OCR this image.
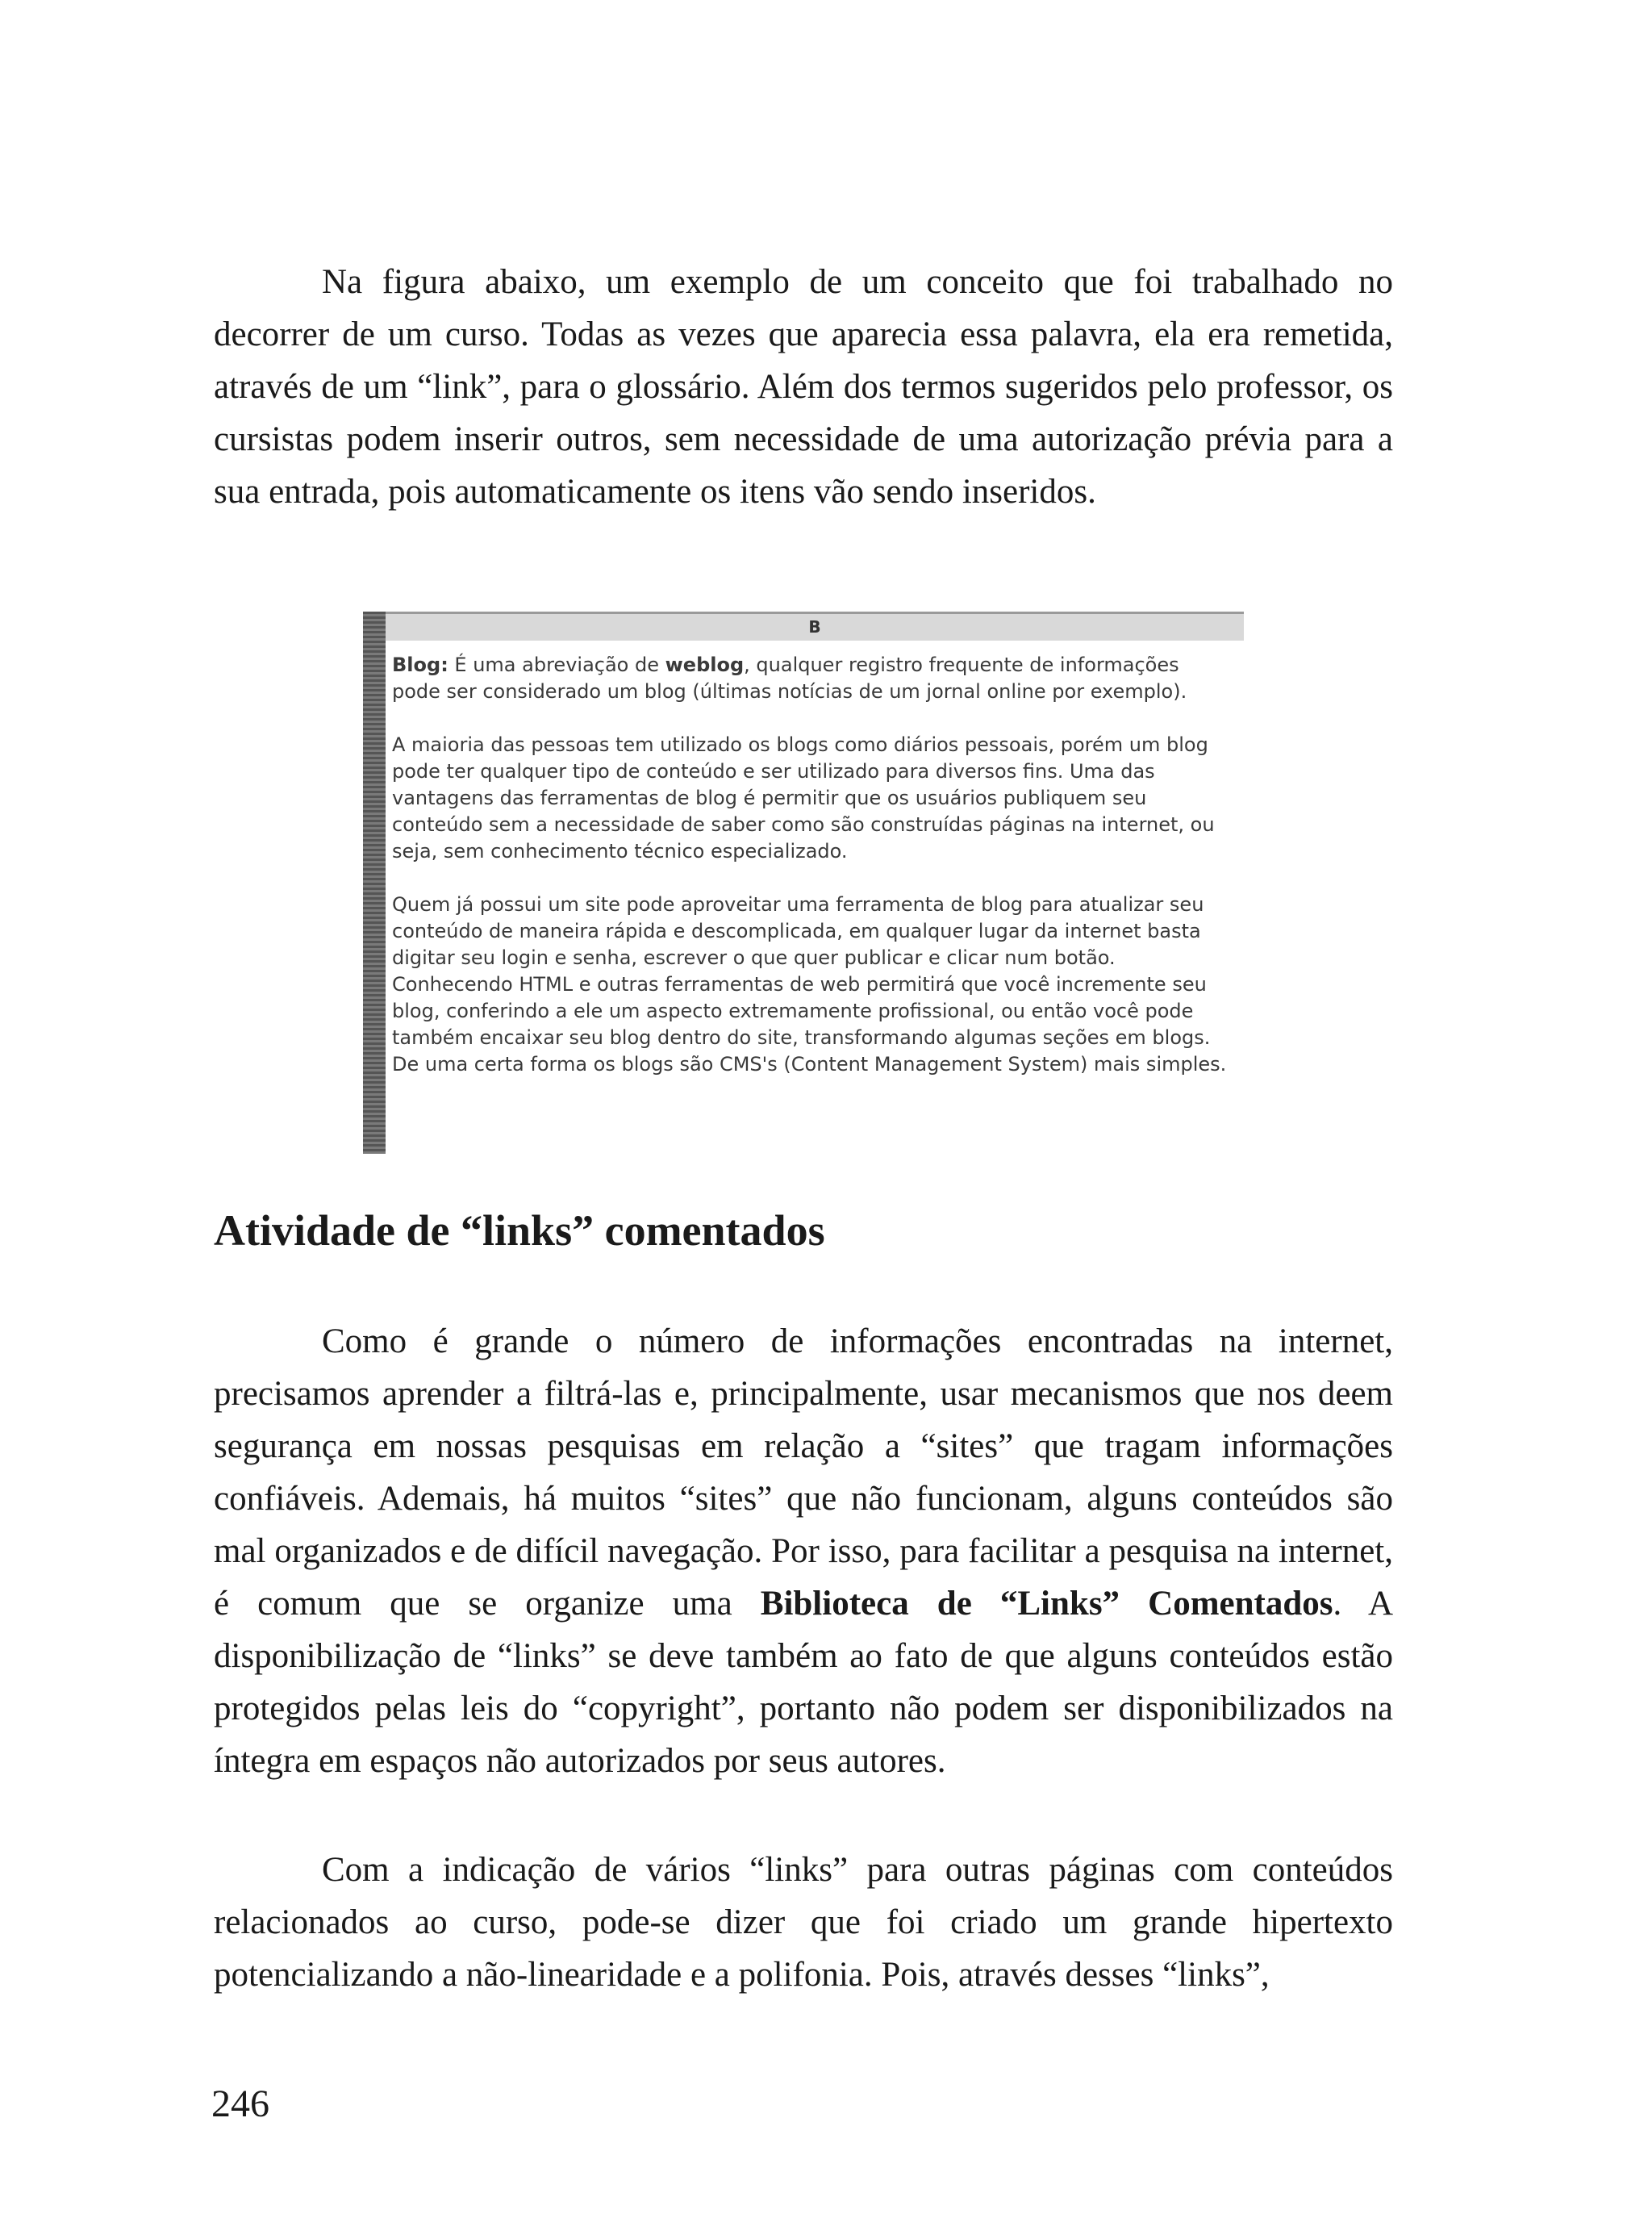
Na figura abaixo, um exemplo de um conceito que foi trabalhado no decorrer de um curso. Todas as vezes que aparecia essa palavra, ela era remetida, através de um “link”, para o glossário. Além dos termos sugeridos pelo professor, os cursistas podem inserir outros, sem necessidade de uma autorização prévia para a sua entrada, pois automaticamente os itens vão sendo inseridos.

B

Blog: É uma abreviação de weblog, qualquer registro frequente de informações pode ser considerado um blog (últimas notícias de um jornal online por exemplo).

A maioria das pessoas tem utilizado os blogs como diários pessoais, porém um blog pode ter qualquer tipo de conteúdo e ser utilizado para diversos fins. Uma das vantagens das ferramentas de blog é permitir que os usuários publiquem seu conteúdo sem a necessidade de saber como são construídas páginas na internet, ou seja, sem conhecimento técnico especializado.

Quem já possui um site pode aproveitar uma ferramenta de blog para atualizar seu conteúdo de maneira rápida e descomplicada, em qualquer lugar da internet basta digitar seu login e senha, escrever o que quer publicar e clicar num botão. Conhecendo HTML e outras ferramentas de web permitirá que você incremente seu blog, conferindo a ele um aspecto extremamente profissional, ou então você pode também encaixar seu blog dentro do site, transformando algumas seções em blogs. De uma certa forma os blogs são CMS's (Content Management System) mais simples.

Atividade de “links” comentados

Como é grande o número de informações encontradas na internet, precisamos aprender a filtrá-las e, principalmente, usar mecanismos que nos deem segurança em nossas pesquisas em relação a “sites” que tragam informações confiáveis. Ademais, há muitos “sites” que não funcionam, alguns conteúdos são mal organizados e de difícil navegação. Por isso, para facilitar a pesquisa na internet, é comum que se organize uma Biblioteca de “Links” Comentados. A disponibilização de “links” se deve também ao fato de que alguns conteúdos estão protegidos pelas leis do “copyright”, portanto não podem ser disponibilizados na íntegra em espaços não autorizados por seus autores.

Com a indicação de vários “links” para outras páginas com conteúdos relacionados ao curso, pode-se dizer que foi criado um grande hipertexto potencializando a não-linearidade e a polifonia. Pois, através desses “links”,

246
